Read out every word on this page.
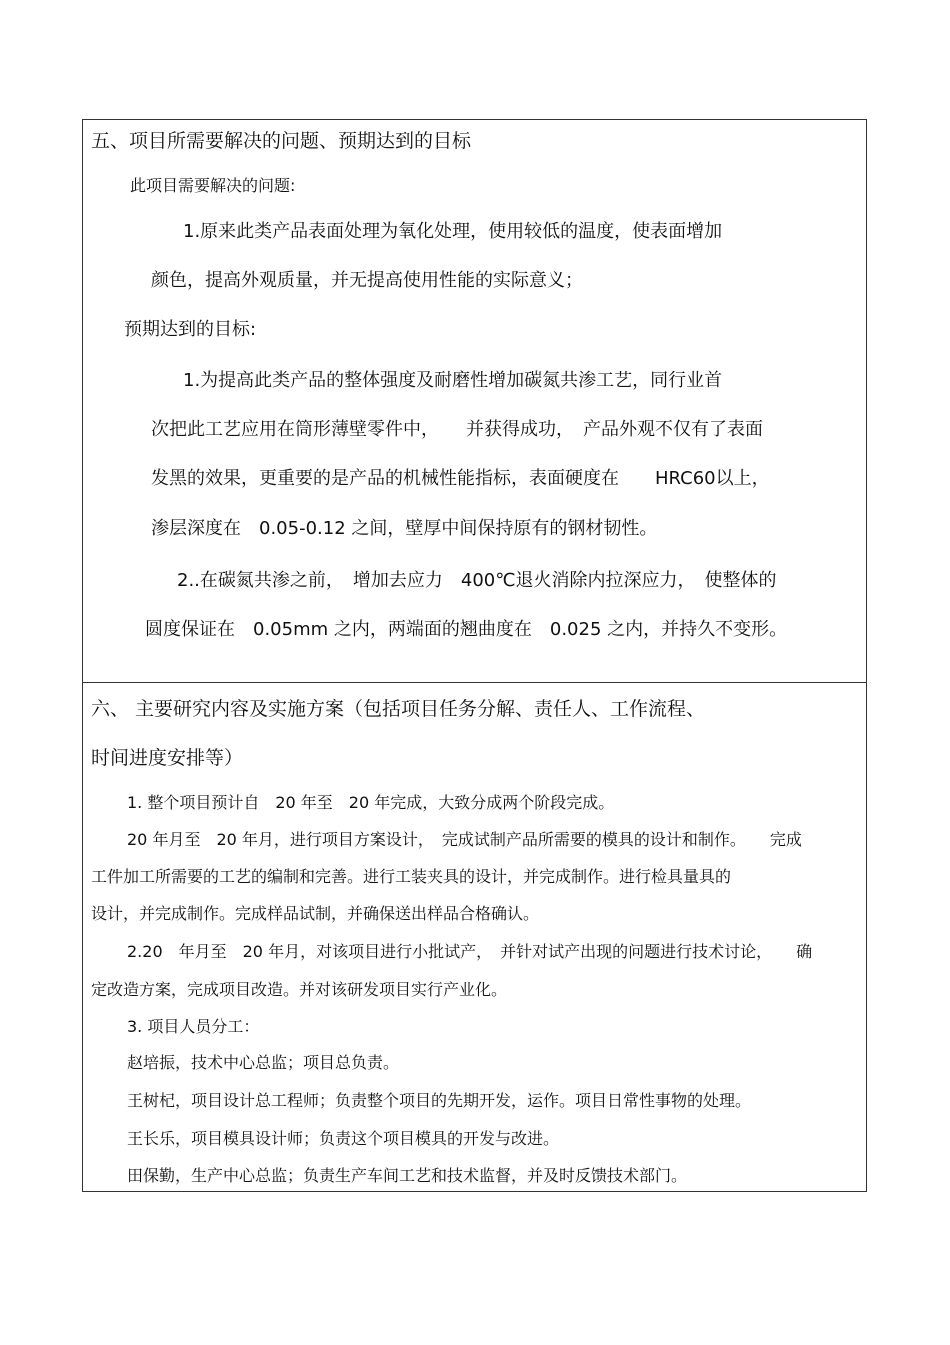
五、项目所需要解决的问题、预期达到的目标
此项目需要解决的问题:
1.原来此类产品表面处理为氧化处理，使用较低的温度，使表面增加
颜色，提高外观质量，并无提高使用性能的实际意义；
预期达到的目标:
1.为提高此类产品的整体强度及耐磨性增加碳氮共渗工艺，同行业首
次把此工艺应用在筒形薄壁零件中，　　并获得成功，　产品外观不仅有了表面
发黑的效果，更重要的是产品的机械性能指标，表面硬度在　　HRC60以上，
渗层深度在　0.05-0.12 之间，壁厚中间保持原有的钢材韧性。
2..在碳氮共渗之前，　增加去应力　400℃退火消除内拉深应力，　使整体的
圆度保证在　0.05mm 之内，两端面的翘曲度在　0.025 之内，并持久不变形。
六、 主要研究内容及实施方案（包括项目任务分解、责任人、工作流程、
时间进度安排等）
1. 整个项目预计自　20 年至　20 年完成，大致分成两个阶段完成。
20 年月至　20 年月，进行项目方案设计，　完成试制产品所需要的模具的设计和制作。　　完成
工件加工所需要的工艺的编制和完善。进行工装夹具的设计，并完成制作。进行检具量具的
设计，并完成制作。完成样品试制，并确保送出样品合格确认。
2.20　年月至　20 年月，对该项目进行小批试产，　并针对试产出现的问题进行技术讨论，　　确
定改造方案，完成项目改造。并对该研发项目实行产业化。
3. 项目人员分工：
赵培振，技术中心总监；项目总负责。
王树杞，项目设计总工程师；负责整个项目的先期开发，运作。项目日常性事物的处理。
王长乐，项目模具设计师；负责这个项目模具的开发与改进。
田保勤，生产中心总监；负责生产车间工艺和技术监督，并及时反馈技术部门。
